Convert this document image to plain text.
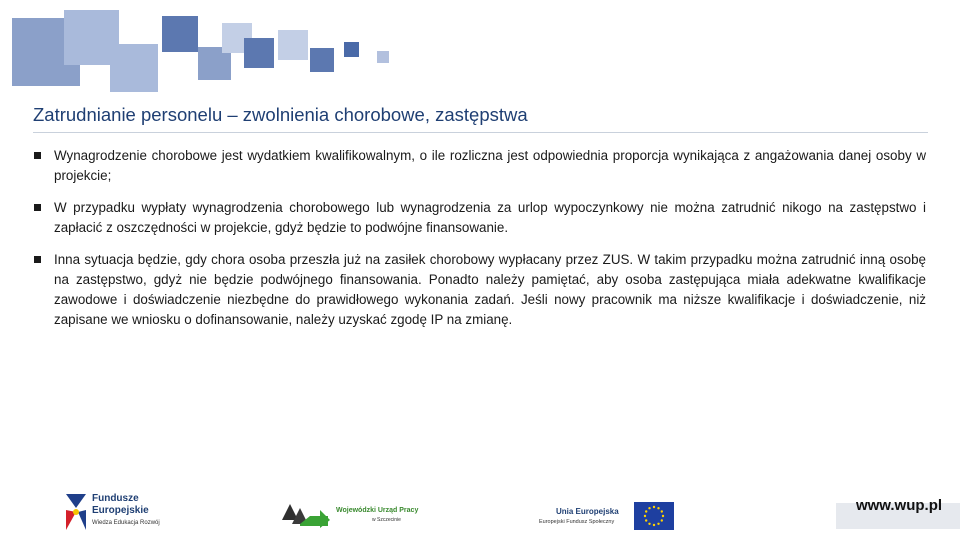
Zatrudnianie personelu – zwolnienia chorobowe, zastępstwa
Wynagrodzenie chorobowe jest wydatkiem kwalifikowalnym, o ile rozliczna jest odpowiednia proporcja wynikająca z angażowania danej osoby w projekcie;
W przypadku wypłaty wynagrodzenia chorobowego lub wynagrodzenia za urlop wypoczynkowy nie można zatrudnić nikogo na zastępstwo i zapłacić z oszczędności w projekcie, gdyż będzie to podwójne finansowanie.
Inna sytuacja będzie, gdy chora osoba przeszła już na zasiłek chorobowy wypłacany przez ZUS. W takim przypadku można zatrudnić inną osobę na zastępstwo, gdyż nie będzie podwójnego finansowania. Ponadto należy pamiętać, aby osoba zastępująca miała adekwatne kwalifikacje zawodowe i doświadczenie niezbędne do prawidłowego wykonania zadań. Jeśli nowy pracownik ma niższe kwalifikacje i doświadczenie, niż zapisane we wniosku o dofinansowanie, należy uzyskać zgodę IP na zmianę.
Fundusze
Europejskie
Wiedza Edukacja Rozwój
Wojewódzki Urząd Pracy
w Szczecinie
Unia Europejska
Europejski Fundusz Społeczny
www.wup.pl
